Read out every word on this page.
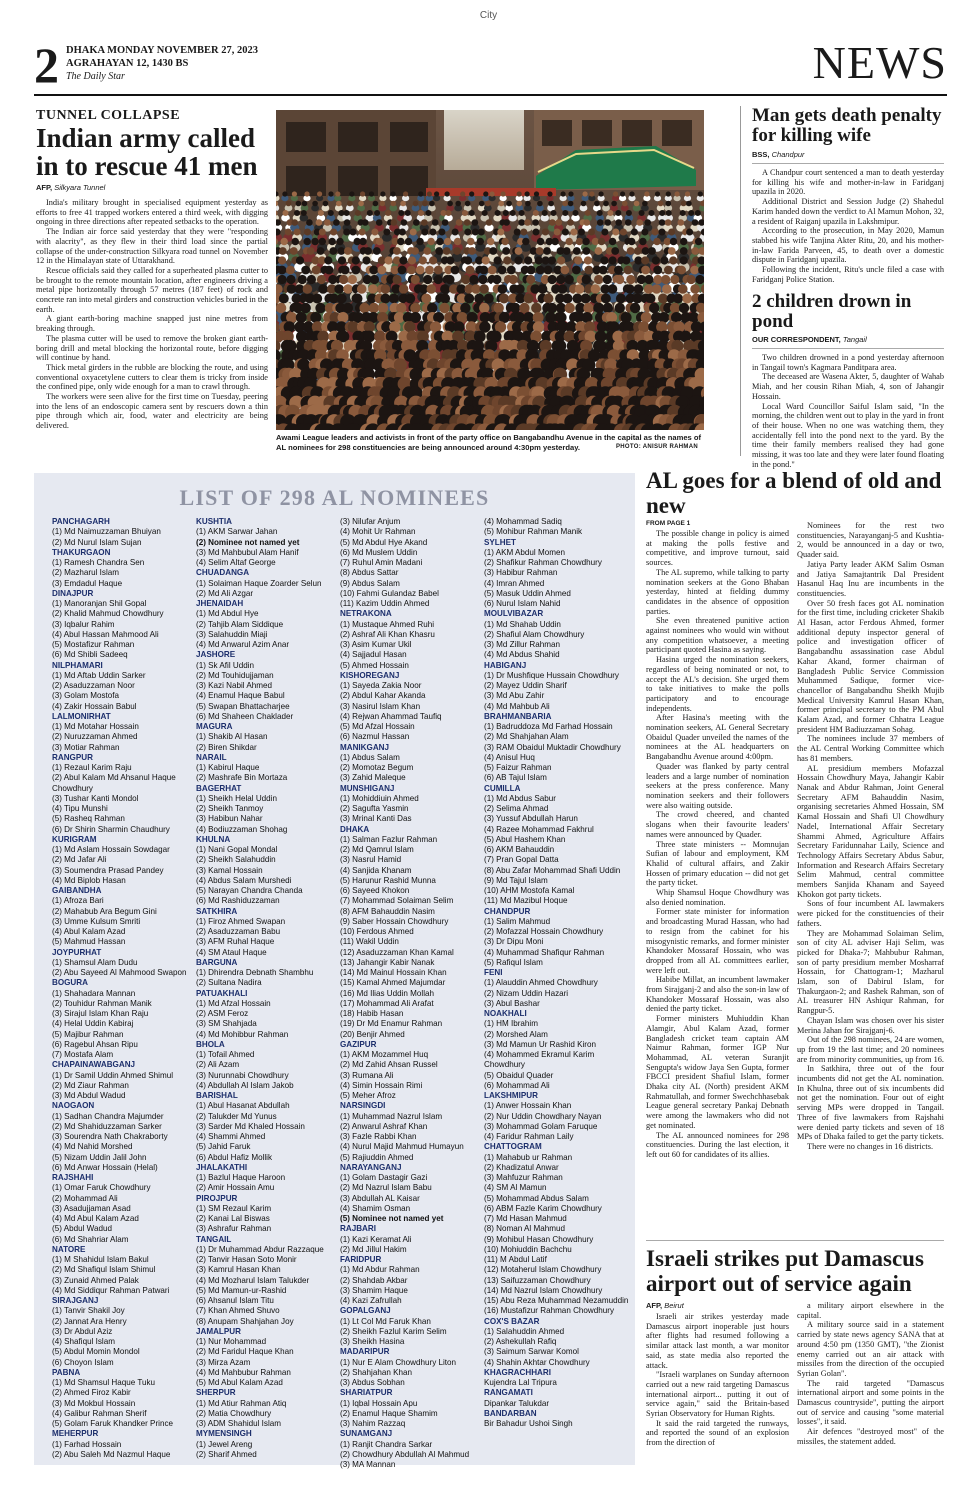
City
2 DHAKA MONDAY NOVEMBER 27, 2023
AGRAHAYAN 12, 1430 BS
The Daily Star	NEWS
TUNNEL COLLAPSE
Indian army called in to rescue 41 men
AFP, Silkyara Tunnel

India's military brought in specialised equipment yesterday as efforts to free 41 trapped workers entered a third week, with digging ongoing in three directions after repeated setbacks to the operation.

The Indian air force said yesterday that they were "responding with alacrity", as they flew in their third load since the partial collapse of the under-construction Silkyara road tunnel on November 12 in the Himalayan state of Uttarakhand.

Rescue officials said they called for a superheated plasma cutter to be brought to the remote mountain location, after engineers driving a metal pipe horizontally through 57 metres (187 feet) of rock and concrete ran into metal girders and construction vehicles buried in the earth.

A giant earth-boring machine snapped just nine metres from breaking through.

The plasma cutter will be used to remove the broken giant earth-boring drill and metal blocking the horizontal route, before digging will continue by hand.

Thick metal girders in the rubble are blocking the route, and using conventional oxyacetylene cutters to clear them is tricky from inside the confined pipe, only wide enough for a man to crawl through.

The workers were seen alive for the first time on Tuesday, peering into the lens of an endoscopic camera sent by rescuers down a thin pipe through which air, food, water and electricity are being delivered.

Awami League leaders and activists in front of the party office on Bangabandhu Avenue in the capital as the names of AL nominees for 298 constituencies are being announced around 4:30pm yesterday.	PHOTO: ANISUR RAHMAN
Man gets death penalty for killing wife
BSS, Chandpur

A Chandpur court sentenced a man to death yesterday for killing his wife and mother-in-law in Faridganj upazila in 2020.

Additional District and Session Judge (2) Shahedul Karim handed down the verdict to Al Mamun Mohon, 32, a resident of Raiganj upazila in Lakshmipur.

According to the prosecution, in May 2020, Mamun stabbed his wife Tanjina Akter Ritu, 20, and his mother-in-law Farida Parveen, 45, to death over a domestic dispute in Faridganj upazila.

Following the incident, Ritu's uncle filed a case with Faridganj Police Station.

2 children drown in pond
OUR CORRESPONDENT, Tangail

Two children drowned in a pond yesterday afternoon in Tangail town's Kagmara Panditpara area.

The deceased are Wasena Akter, 5, daughter of Wahab Miah, and her cousin Rihan Miah, 4, son of Jahangir Hossain.

Local Ward Councillor Saiful Islam said, "In the morning, the children went out to play in the yard in front of their house. When no one was watching them, they accidentally fell into the pond next to the yard. By the time their family members realised they had gone missing, it was too late and they were later found floating in the pond."

LIST OF 298 AL NOMINEES
PANCHAGARH
(1) Md Naimuzzaman Bhuiyan
(2) Md Nurul Islam Sujan
THAKURGAON
(1) Ramesh Chandra Sen
(2) Mazharul Islam
(3) Emdadul Haque
DINAJPUR
(1) Manoranjan Shil Gopal
(2) Khalid Mahmud Chowdhury
(3) Iqbalur Rahim
(4) Abul Hassan Mahmood Ali
(5) Mostafizur Rahman
(6) Md Shibli Sadeeq
NILPHAMARI
(1) Md Aftab Uddin Sarker
(2) Asaduzzaman Noor
(3) Golam Mostofa
(4) Zakir Hossain Babul
LALMONIRHAT
(1) Md Motahar Hossain
(2) Nuruzzaman Ahmed
(3) Motiar Rahman
RANGPUR
(1) Rezaul Karim Raju
(2) Abul Kalam Md Ahsanul Haque Chowdhury
(3) Tushar Kanti Mondol
(4) Tipu Munshi
(5) Rasheq Rahman
(6) Dr Shirin Sharmin Chaudhury
KURIGRAM
(1) Md Aslam Hossain Sowdagar
(2) Md Jafar Ali
(3) Soumendra Prasad Pandey
(4) Md Biplob Hasan
GAIBANDHA
(1) Afroza Bari
(2) Mahabub Ara Begum Gini
(3) Umme Kulsum Smriti
(4) Abul Kalam Azad
(5) Mahmud Hassan
JOYPURHAT
(1) Shamsul Alam Dudu
(2) Abu Sayeed Al Mahmood Swapon
BOGURA
(1) Shahadara Mannan
(2) Touhidur Rahman Manik
(3) Sirajul Islam Khan Raju
(4) Helal Uddin Kabiraj
(5) Majibur Rahman
(6) Ragebul Ahsan Ripu
(7) Mostafa Alam
CHAPAINAWABGANJ
(1) Dr Samil Uddin Ahmed Shimul
(2) Md Ziaur Rahman
(3) Md Abdul Wadud
NAOGAON
(1) Sadhan Chandra Majumder
(2) Md Shahiduzzaman Sarker
(3) Sourendra Nath Chakraborty
(4) Md Nahid Morshed
(5) Nizam Uddin Jalil John
(6) Md Anwar Hossain (Helal)
RAJSHAHI
(1) Omar Faruk Chowdhury
(2) Mohammad Ali
(3) Asadujjaman Asad
(4) Md Abul Kalam Azad
(5) Abdul Wadud
(6) Md Shahriar Alam
NATORE
(1) M Shahidul Islam Bakul
(2) Md Shafiqul Islam Shimul
(3) Zunaid Ahmed Palak
(4) Md Siddiqur Rahman Patwari
SIRAJGANJ
(1) Tanvir Shakil Joy
(2) Jannat Ara Henry
(3) Dr Abdul Aziz
(4) Shafiqul Islam
(5) Abdul Momin Mondol
(6) Choyon Islam
PABNA
(1) Md Shamsul Haque Tuku
(2) Ahmed Firoz Kabir
(3) Md Mokbul Hossain
(4) Galibur Rahman Sherif
(5) Golam Faruk Khandker Prince
MEHERPUR
(1) Farhad Hossain
(2) Abu Saleh Md Nazmul Haque
KUSHTIA
(1) AKM Sarwar Jahan
(2) Nominee not named yet
(3) Md Mahbubul Alam Hanif
(4) Selim Altaf George
CHUADANGA
(1) Solaiman Haque Zoarder Selun
(2) Md Ali Azgar
JHENAIDAH
(1) Md Abdul Hye
(2) Tahjib Alam Siddique
(3) Salahuddin Miaji
(4) Md Anwarul Azim Anar
JASHORE
(1) Sk Afil Uddin
(2) Md Touhidujjaman
(3) Kazi Nabil Ahmed
(4) Enamul Haque Babul
(5) Swapan Bhattacharjee
(6) Md Shaheen Chaklader
MAGURA
(1) Shakib Al Hasan
(2) Biren Shikdar
NARAIL
(1) Kabirul Haque
(2) Mashrafe Bin Mortaza
BAGERHAT
(1) Sheikh Helal Uddin
(2) Sheikh Tanmoy
(3) Habibun Nahar
(4) Bodiuzzaman Shohag
KHULNA
(1) Nani Gopal Mondal
(2) Sheikh Salahuddin
(3) Kamal Hossain
(4) Abdus Salam Murshedi
(5) Narayan Chandra Chanda
(6) Md Rashiduzzaman
SATKHIRA
(1) Firoz Ahmed Swapan
(2) Asaduzzaman Babu
(3) AFM Ruhal Haque
(4) SM Ataul Haque
BARGUNA
(1) Dhirendra Debnath Shambhu
(2) Sultana Nadira
PATUAKHALI
(1) Md Afzal Hossain
(2) ASM Feroz
(3) SM Shahjada
(4) Md Mohibbur Rahman
BHOLA
(1) Tofail Ahmed
(2) Ali Azam
(3) Nurunnabi Chowdhury
(4) Abdullah Al Islam Jakob
BARISHAL
(1) Abul Hasanat Abdullah
(2) Talukder Md Yunus
(3) Sarder Md Khaled Hossain
(4) Shammi Ahmed
(5) Jahid Faruk
(6) Abdul Hafiz Mollik
JHALAKATHI
(1) Bazlul Haque Haroon
(2) Amir Hossain Amu
PIROJPUR
(1) SM Rezaul Karim
(2) Kanai Lal Biswas
(3) Ashrafur Rahman
TANGAIL
(1) Dr Muhammad Abdur Razzaque
(2) Tanvir Hasan Soto Monir
(3) Kamrul Hasan Khan
(4) Md Mozharul Islam Talukder
(5) Md Mamun-ur-Rashid
(6) Ahsanul Islam Titu
(7) Khan Ahmed Shuvo
(8) Anupam Shahjahan Joy
JAMALPUR
(1) Nur Mohammad
(2) Md Faridul Haque Khan
(3) Mirza Azam
(4) Md Mahbubur Rahman
(5) Md Abul Kalam Azad
SHERPUR
(1) Md Atiur Rahman Atiq
(2) Matia Chowdhury
(3) ADM Shahidul Islam
MYMENSINGH
(1) Jewel Areng
(2) Sharif Ahmed
(3) Nilufar Anjum
(4) Mohit Ur Rahman
(5) Md Abdul Hye Akand
(6) Md Muslem Uddin
(7) Ruhul Amin Madani
(8) Abdus Sattar
(9) Abdus Salam
(10) Fahmi Gulandaz Babel
(11) Kazim Uddin Ahmed
NETRAKONA
(1) Mustaque Ahmed Ruhi
(2) Ashraf Ali Khan Khasru
(3) Asim Kumar Ukil
(4) Sajjadul Hasan
(5) Ahmed Hossain
KISHOREGANJ
(1) Sayeda Zakia Noor
(2) Abdul Kahar Akanda
(3) Nasirul Islam Khan
(4) Rejwan Ahammad Taufiq
(5) Md Afzal Hossain
(6) Nazmul Hassan
MANIKGANJ
(1) Abdus Salam
(2) Momotaz Begum
(3) Zahid Maleque
MUNSHIGANJ
(1) Mohiddiuin Ahmed
(2) Sagufta Yasmin
(3) Mrinal Kanti Das
DHAKA
(1) Salman Fazlur Rahman
(2) Md Qamrul Islam
(3) Nasrul Hamid
(4) Sanjida Khanam
(5) Harunur Rashid Munna
(6) Sayeed Khokon
(7) Mohammad Solaiman Selim
(8) AFM Bahauddin Nasim
(9) Saber Hossain Chowdhury
(10) Ferdous Ahmed
(11) Wakil Uddin
(12) Asaduzzaman Khan Kamal
(13) Jahangir Kabir Nanak
(14) Md Mainul Hossain Khan
(15) Kamal Ahmed Majumdar
(16) Md Ilias Uddin Mollah
(17) Mohammad Ali Arafat
(18) Habib Hasan
(19) Dr Md Enamur Rahman
(20) Benjir Ahmed
GAZIPUR
(1) AKM Mozammel Huq
(2) Md Zahid Ahsan Russel
(3) Rumana Ali
(4) Simin Hossain Rimi
(5) Meher Afroz
NARSINGDI
(1) Muhammad Nazrul Islam
(2) Anwarul Ashraf Khan
(3) Fazle Rabbi Khan
(4) Nurul Majid Mahmud Humayun
(5) Rajiuddin Ahmed
NARAYANGANJ
(1) Golam Dastagir Gazi
(2) Md Nazrul Islam Babu
(3) Abdullah AL Kaisar
(4) Shamim Osman
(5) Nominee not named yet
RAJBARI
(1) Kazi Keramat Ali
(2) Md Jillul Hakim
FARIDPUR
(1) Md Abdur Rahman
(2) Shahdab Akbar
(3) Shamim Haque
(4) Kazi Zafrullah
GOPALGANJ
(1) Lt Col Md Faruk Khan
(2) Sheikh Fazlul Karim Selim
(3) Sheikh Hasina
MADARIPUR
(1) Nur E Alam Chowdhury Liton
(2) Shahjahan Khan
(3) Abdus Sobhan
SHARIATPUR
(1) Iqbal Hossain Apu
(2) Enamul Haque Shamim
(3) Nahim Razzaq
SUNAMGANJ
(1) Ranjit Chandra Sarkar
(2) Chowdhury Abdullah Al Mahmud
(3) MA Mannan
(4) Mohammad Sadiq
(5) Mohibur Rahman Manik
SYLHET
(1) AKM Abdul Momen
(2) Shafikur Rahman Chowdhury
(3) Habibur Rahman
(4) Imran Ahmed
(5) Masuk Uddin Ahmed
(6) Nurul Islam Nahid
MOULVIBAZAR
(1) Md Shahab Uddin
(2) Shafiul Alam Chowdhury
(3) Md Zillur Rahman
(4) Md Abdus Shahid
HABIGANJ
(1) Dr Mushfique Hussain Chowdhury
(2) Mayez Uddin Sharif
(3) Md Abu Zahir
(4) Md Mahbub Ali
BRAHMANBARIA
(1) Badruddoza Md Farhad Hossain
(2) Md Shahjahan Alam
(3) RAM Obaidul Muktadir Chowdhury
(4) Anisul Huq
(5) Faizur Rahman
(6) AB Tajul Islam
CUMILLA
(1) Md Abdus Sabur
(2) Selima Ahmad
(3) Yussuf Abdullah Harun
(4) Razee Mohammad Fakhrul
(5) Abul Hashem Khan
(6) AKM Bahauddin
(7) Pran Gopal Datta
(8) Abu Zafar Mohammad Shafi Uddin
(9) Md Tajul Islam
(10) AHM Mostofa Kamal
(11) Md Mazibul Hoque
CHANDPUR
(1) Salim Mahmud
(2) Mofazzal Hossain Chowdhury
(3) Dr Dipu Moni
(4) Muhammad Shafiqur Rahman
(5) Rafiqul Islam
FENI
(1) Alauddin Ahmed Chowdhury
(2) Nizam Uddin Hazari
(3) Abul Bashar
NOAKHALI
(1) HM Ibrahim
(2) Morshed Alam
(3) Md Mamun Ur Rashid Kiron
(4) Mohammed Ekramul Karim Chowdhury
(5) Obaidul Quader
(6) Mohammad Ali
LAKSHMIPUR
(1) Anwer Hossain Khan
(2) Nur Uddin Chowdhary Nayan
(3) Mohammad Golam Faruque
(4) Faridur Rahman Laily
CHATTOGRAM
(1) Mahabub ur Rahman
(2) Khadizatul Anwar
(3) Mahfuzur Rahman
(4) SM Al Mamun
(5) Mohammad Abdus Salam
(6) ABM Fazle Karim Chowdhury
(7) Md Hasan Mahmud
(8) Noman Al Mahmud
(9) Mohibul Hasan Chowdhury
(10) Mohiuddin Bachchu
(11) M Abdul Latif
(12) Motaherul Islam Chowdhury
(13) Saifuzzaman Chowdhury
(14) Md Nazrul Islam Chowdhury
(15) Abu Reza Muhammad Nezamuddin
(16) Mustafizur Rahman Chowdhury
COX'S BAZAR
(1) Salahuddin Ahmed
(2) Ashekullah Rafiq
(3) Saimum Sarwar Komol
(4) Shahin Akhtar Chowdhury
KHAGRACHHARI
Kujendra Lal Tripura
RANGAMATI
Dipankar Talukdar
BANDARBAN
Bir Bahadur Ushoi Singh
AL goes for a blend of old and new
FROM PAGE 1

The possible change in policy is aimed at making the polls festive and competitive, and improve turnout, said sources.

The AL supremo, while talking to party nomination seekers at the Gono Bhaban yesterday, hinted at fielding dummy candidates in the absence of opposition parties.

She even threatened punitive action against nominees who would win without any competition whatsoever, a meeting participant quoted Hasina as saying.

Hasina urged the nomination seekers, regardless of being nominated or not, to accept the AL's decision. She urged them to take initiatives to make the polls participatory and to encourage independents.

After Hasina's meeting with the nomination seekers, AL General Secretary Obaidul Quader unveiled the names of the nominees at the AL headquarters on Bangabandhu Avenue around 4:00pm.

Quader was flanked by party central leaders and a large number of nomination seekers at the press conference. Many nomination seekers and their followers were also waiting outside.

The crowd cheered, and chanted slogans when their favourite leaders' names were announced by Quader.

Three state ministers -- Momnujan Sufian of labour and employment, KM Khalid of cultural affairs, and Zakir Hossen of primary education -- did not get the party ticket.

Whip Shamsul Hoque Chowdhury was also denied nomination.

Former state minister for information and broadcasting Murad Hassan, who had to resign from the cabinet for his misogynistic remarks, and former minister Khandoker Mossaraf Hossain, who was dropped from all AL committees earlier, were left out.

Habibe Millat, an incumbent lawmaker from Sirajganj-2 and also the son-in law of Khandoker Mossaraf Hossain, was also denied the party ticket.

Former ministers Muhiuddin Khan Alamgir, Abul Kalam Azad, former Bangladesh cricket team captain AM Naimur Rahman, former IGP Nur Mohammad, AL veteran Suranjit Sengupta's widow Jaya Sen Gupta, former FBCCI president Shafiul Islam, former Dhaka city AL (North) president AKM Rahmatullah, and former Swechchhasebak League general secretary Pankaj Debnath were among the lawmakers who did not get nominated.

The AL announced nominees for 298 constituencies. During the last election, it left out 60 for candidates of its allies.

Nominees for the rest two constituencies, Narayanganj-5 and Kushtia-2, would be announced in a day or two, Quader said.

Jatiya Party leader AKM Salim Osman and Jatiya Samajtantrik Dal President Hasanul Haq Inu are incumbents in the constituencies.

Over 50 fresh faces got AL nomination for the first time, including cricketer Shakib Al Hasan, actor Ferdous Ahmed, former additional deputy inspector general of police and investigation officer of Bangabandhu assassination case Abdul Kahar Akand, former chairman of Bangladesh Public Service Commission Muhammed Sadique, former vice-chancellor of Bangabandhu Sheikh Mujib Medical University Kamrul Hasan Khan, former principal secretary to the PM Abul Kalam Azad, and former Chhatra League president HM Badiuzzaman Sohag.

The nominees include 37 members of the AL Central Working Committee which has 81 members.

AL presidium members Mofazzal Hossain Chowdhury Maya, Jahangir Kabir Nanak and Abdur Rahman, Joint General Secretary AFM Bahauddin Nasim, organising secretaries Ahmed Hossain, SM Kamal Hossain and Shafi Ul Chowdhury Nadel, International Affair Secretary Shammi Ahmed, Agriculture Affairs Secretary Faridunnahar Laily, Science and Technology Affairs Secretary Abdus Sabur, Information and Research Affairs Secretary Selim Mahmud, central committee members Sanjida Khanam and Sayeed Khokon got party tickets.

Sons of four incumbent AL lawmakers were picked for the constituencies of their fathers.

They are Mohammad Solaiman Selim, son of city AL adviser Haji Selim, was picked for Dhaka-7; Mahbubur Rahman, son of party presidium member Mosharraf Hossain, for Chattogram-1; Mazharul Islam, son of Dabirul Islam, for Thakurgaon-2; and Rashek Rahman, son of AL treasurer HN Ashiqur Rahman, for Rangpur-5.

Chayan Islam was chosen over his sister Merina Jahan for Sirajganj-6.

Out of the 298 nominees, 24 are women, up from 19 the last time; and 20 nominees are from minority communities, up from 16.

In Satkhira, three out of the four incumbents did not get the AL nomination. In Khulna, three out of six incumbents did not get the nomination. Four out of eight serving MPs were dropped in Tangail. Three of five lawmakers from Rajshahi were denied party tickets and seven of 18 MPs of Dhaka failed to get the party tickets.

There were no changes in 16 districts.

Israeli strikes put Damascus airport out of service again
AFP, Beirut

Israeli air strikes yesterday made Damascus airport inoperable just hours after flights had resumed following a similar attack last month, a war monitor said, as state media also reported the attack.

"Israeli warplanes on Sunday afternoon carried out a new raid targeting Damascus international airport... putting it out of service again," said the Britain-based Syrian Observatory for Human Rights.

It said the raid targeted the runways, and reported the sound of an explosion from the direction of

a military airport elsewhere in the capital.

A military source said in a statement carried by state news agency SANA that at around 4:50 pm (1350 GMT), "the Zionist enemy carried out an air attack with missiles from the direction of the occupied Syrian Golan".

The raid targeted "Damascus international airport and some points in the Damascus countryside", putting the airport out of service and causing "some material losses", it said.

Air defences "destroyed most" of the missiles, the statement added.
